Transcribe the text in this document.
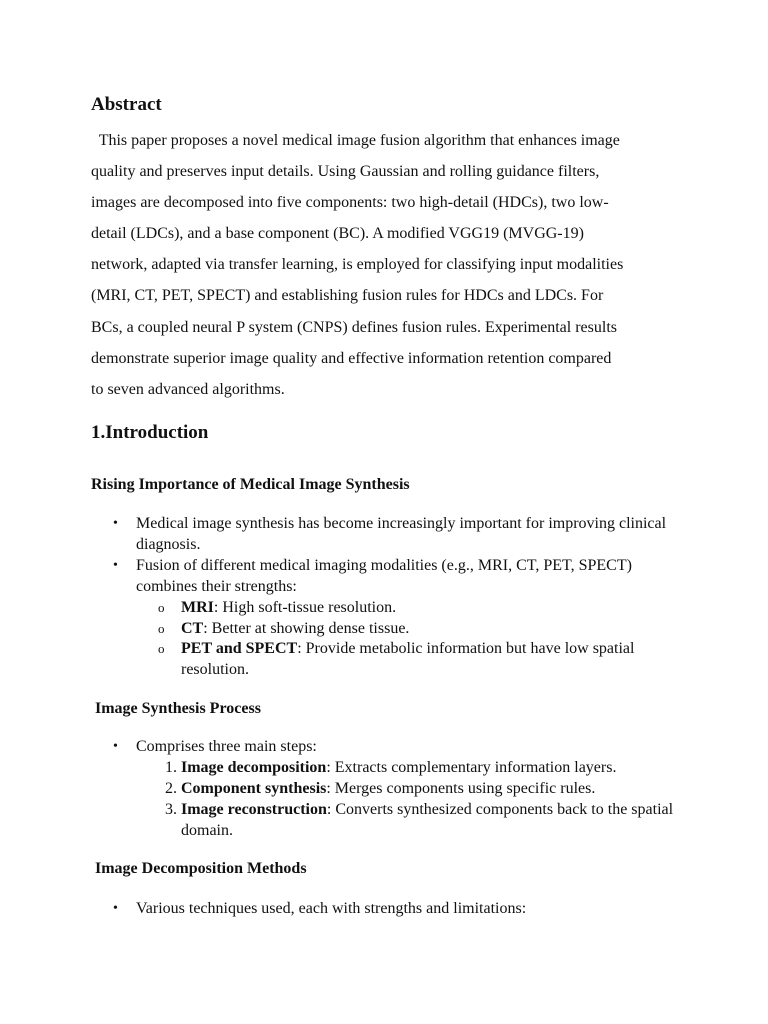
Abstract

This paper proposes a novel medical image fusion algorithm that enhances image
quality and preserves input details. Using Gaussian and rolling guidance filters,
images are decomposed into five components: two high-detail (HDCs), two low-
detail (LDCs), and a base component (BC). A modified VGG19 (MVGG-19)
network, adapted via transfer learning, is employed for classifying input modalities
(MRI, CT, PET, SPECT) and establishing fusion rules for HDCs and LDCs. For
BCs, a coupled neural P system (CNPS) defines fusion rules. Experimental results
demonstrate superior image quality and effective information retention compared
to seven advanced algorithms.

1.Introduction
Rising Importance of Medical Image Synthesis
• Medical image synthesis has become increasingly important for improving clinical diagnosis.
• Fusion of different medical imaging modalities (e.g., MRI, CT, PET, SPECT) combines their strengths:
o MRI: High soft-tissue resolution.
o CT: Better at showing dense tissue.
o PET and SPECT: Provide metabolic information but have low spatial resolution.
Image Synthesis Process
• Comprises three main steps:
1. Image decomposition: Extracts complementary information layers.
2. Component synthesis: Merges components using specific rules.
3. Image reconstruction: Converts synthesized components back to the spatial domain.
Image Decomposition Methods
• Various techniques used, each with strengths and limitations:
